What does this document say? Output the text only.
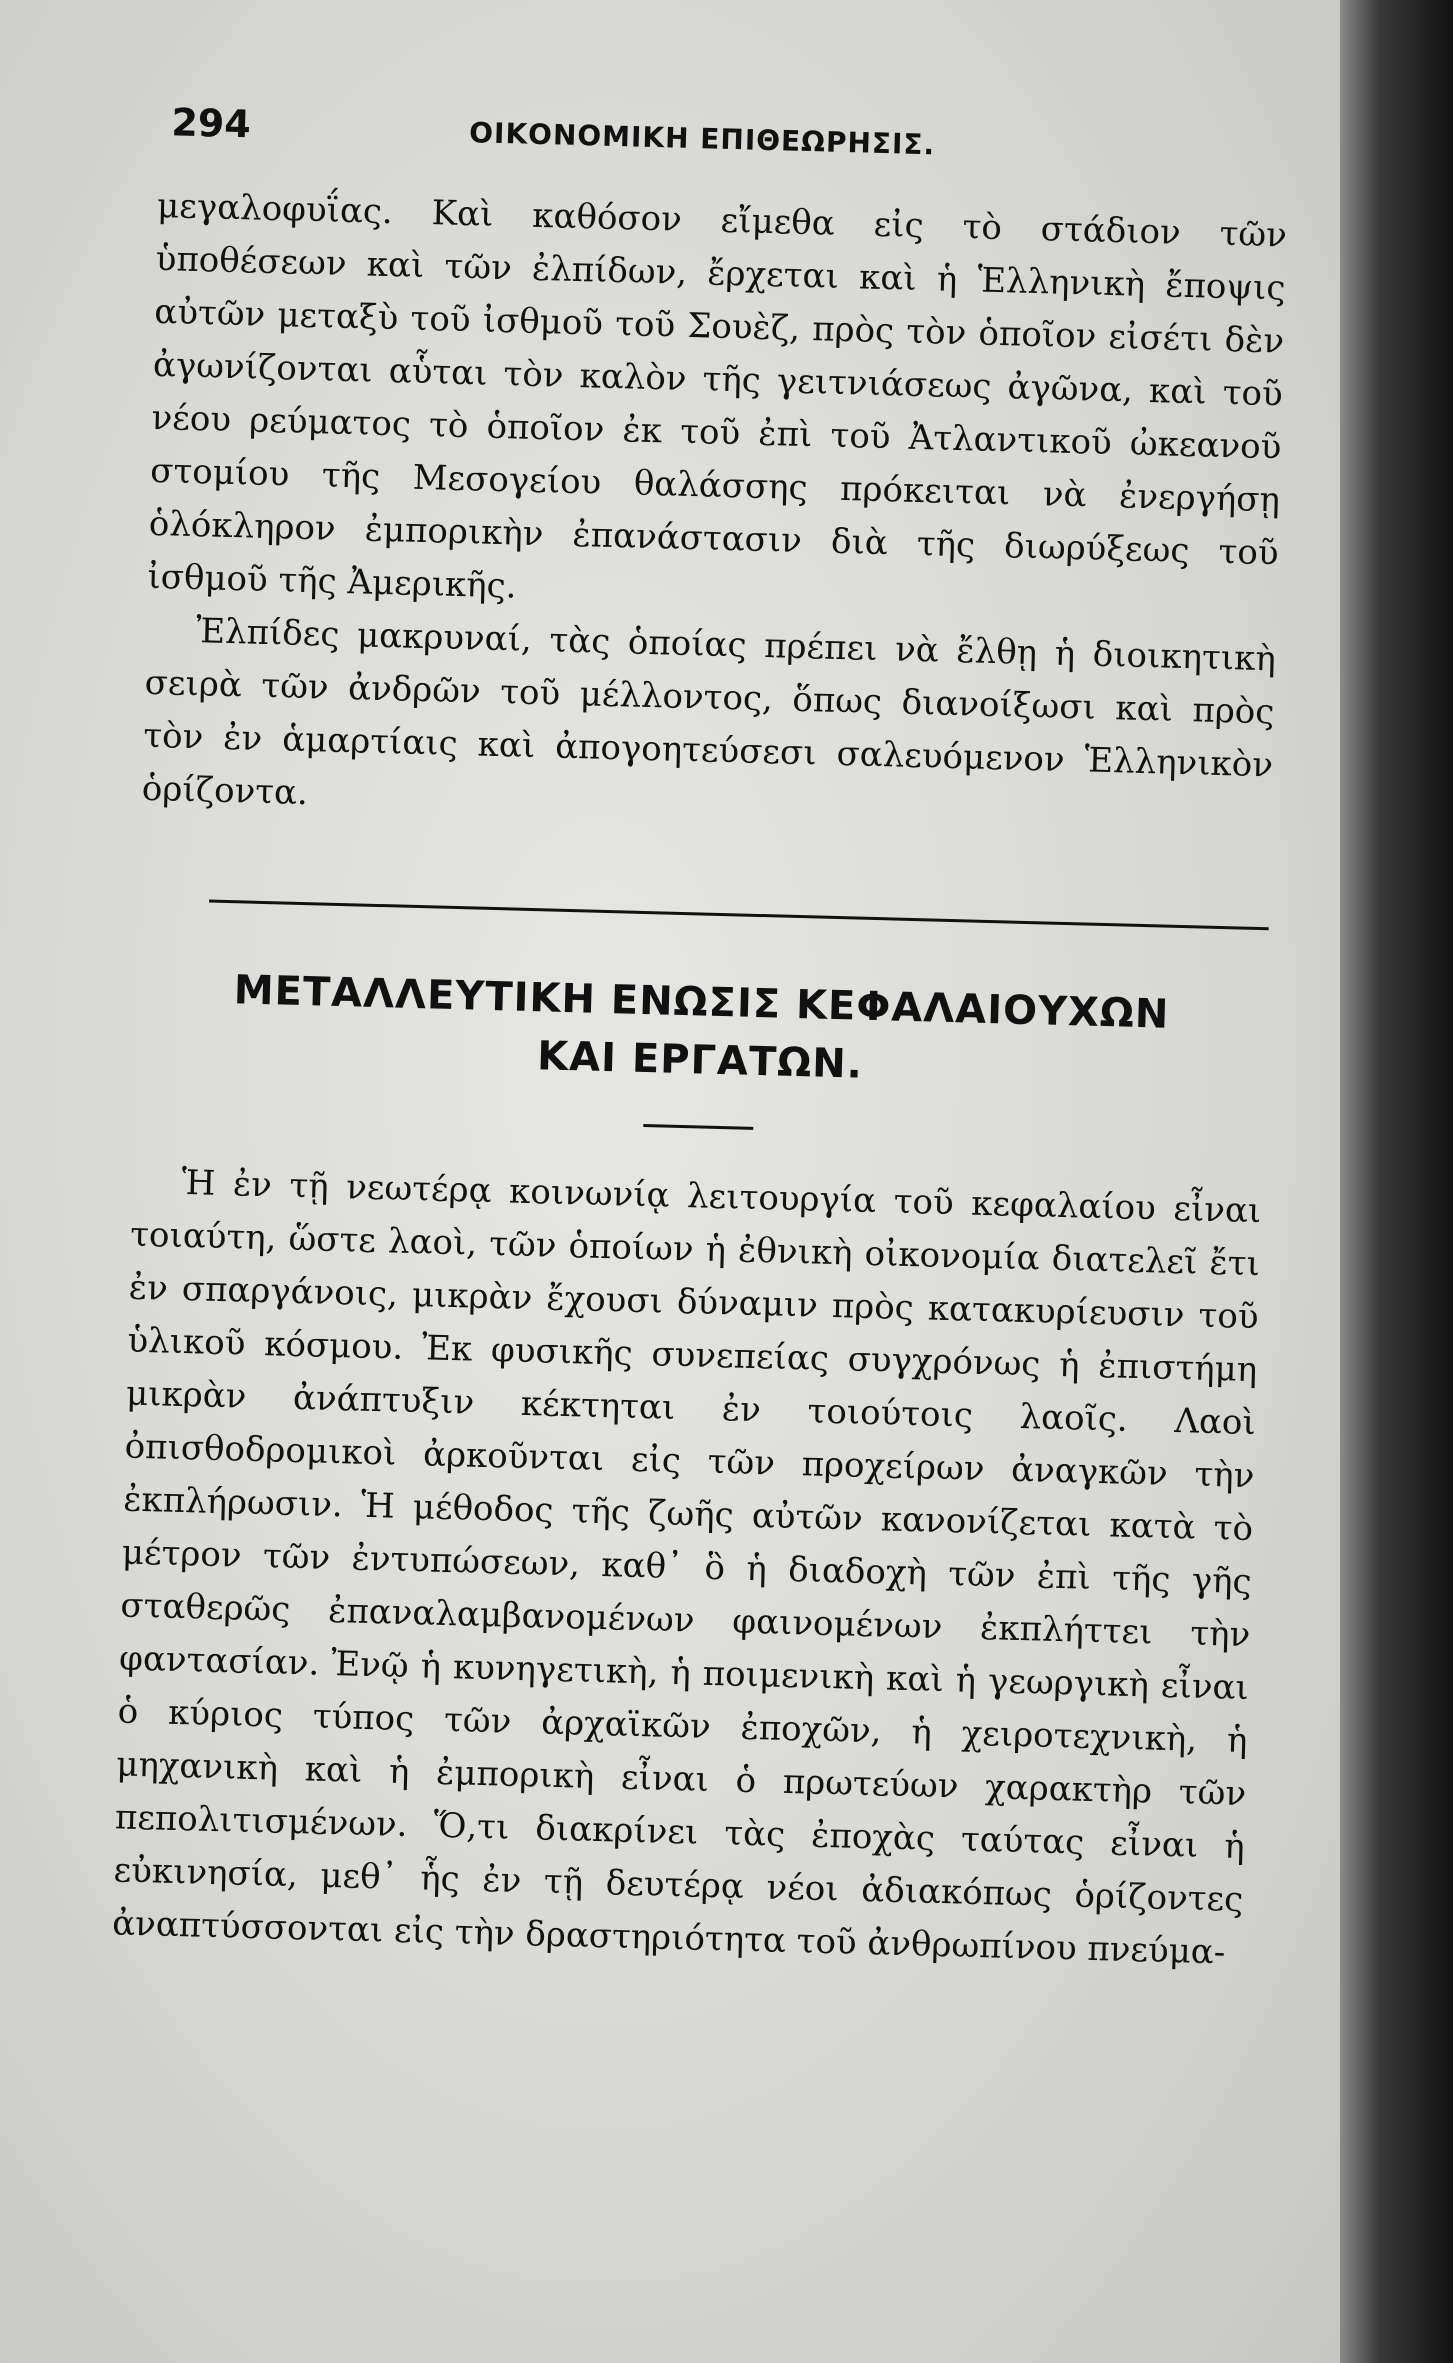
294	ΟΙΚΟΝΟΜΙΚΗ ΕΠΙΘΕΩΡΗΣΙΣ.

μεγαλοφυΐας. Καὶ καθόσον εἴμεθα εἰς τὸ στάδιον τῶν ὑποθέσεων καὶ τῶν ἐλπίδων, ἔρχεται καὶ ἡ Ἑλληνικὴ ἔποψις αὐτῶν μεταξὺ τοῦ ἰσθμοῦ τοῦ Σουὲζ, πρὸς τὸν ὁποῖον εἰσέτι δὲν ἀγωνίζονται αὗται τὸν καλὸν τῆς γειτνιάσεως ἀγῶνα, καὶ τοῦ νέου ρεύματος τὸ ὁποῖον ἐκ τοῦ ἐπὶ τοῦ Ἀτλαντικοῦ ὠκεανοῦ στομίου τῆς Μεσογείου θαλάσσης πρόκειται νὰ ἐνεργήσῃ ὁλόκληρον ἐμπορικὴν ἐπανάστασιν διὰ τῆς διωρύξεως τοῦ ἰσθμοῦ τῆς Ἀμερικῆς.

Ἐλπίδες μακρυναί, τὰς ὁποίας πρέπει νὰ ἔλθῃ ἡ διοικητικὴ σειρὰ τῶν ἀνδρῶν τοῦ μέλλοντος, ὅπως διανοίξωσι καὶ πρὸς τὸν ἐν ἁμαρτίαις καὶ ἀπογοητεύσεσι σαλευόμενον Ἑλληνικὸν ὁρίζοντα.

ΜΕΤΑΛΛΕΥΤΙΚΗ ΕΝΩΣΙΣ ΚΕΦΑΛΑΙΟΥΧΩΝ
ΚΑΙ ΕΡΓΑΤΩΝ.

Ἡ ἐν τῇ νεωτέρᾳ κοινωνίᾳ λειτουργία τοῦ κεφαλαίου εἶναι τοιαύτη, ὥστε λαοὶ, τῶν ὁποίων ἡ ἐθνικὴ οἰκονομία διατελεῖ ἔτι ἐν σπαργάνοις, μικρὰν ἔχουσι δύναμιν πρὸς κατακυρίευσιν τοῦ ὑλικοῦ κόσμου. Ἐκ φυσικῆς συνεπείας συγχρόνως ἡ ἐπιστήμη μικρὰν ἀνάπτυξιν κέκτηται ἐν τοιούτοις λαοῖς. Λαοὶ ὀπισθοδρομικοὶ ἀρκοῦνται εἰς τῶν προχείρων ἀναγκῶν τὴν ἐκπλήρωσιν. Ἡ μέθοδος τῆς ζωῆς αὐτῶν κανονίζεται κατὰ τὸ μέτρον τῶν ἐντυπώσεων, καθ᾽ ὃ ἡ διαδοχὴ τῶν ἐπὶ τῆς γῆς σταθερῶς ἐπαναλαμβανομένων φαινομένων ἐκπλήττει τὴν φαντασίαν. Ἐνῷ ἡ κυνηγετικὴ, ἡ ποιμενικὴ καὶ ἡ γεωργικὴ εἶναι ὁ κύριος τύπος τῶν ἀρχαϊκῶν ἐποχῶν, ἡ χειροτεχνικὴ, ἡ μηχανικὴ καὶ ἡ ἐμπορικὴ εἶναι ὁ πρωτεύων χαρακτὴρ τῶν πεπολιτισμένων. Ὅ,τι διακρίνει τὰς ἐποχὰς ταύτας εἶναι ἡ εὐκινησία, μεθ᾽ ἧς ἐν τῇ δευτέρᾳ νέοι ἀδιακόπως ὁρίζοντες ἀναπτύσσονται εἰς τὴν δραστηριότητα τοῦ ἀνθρωπίνου πνεύμα-
